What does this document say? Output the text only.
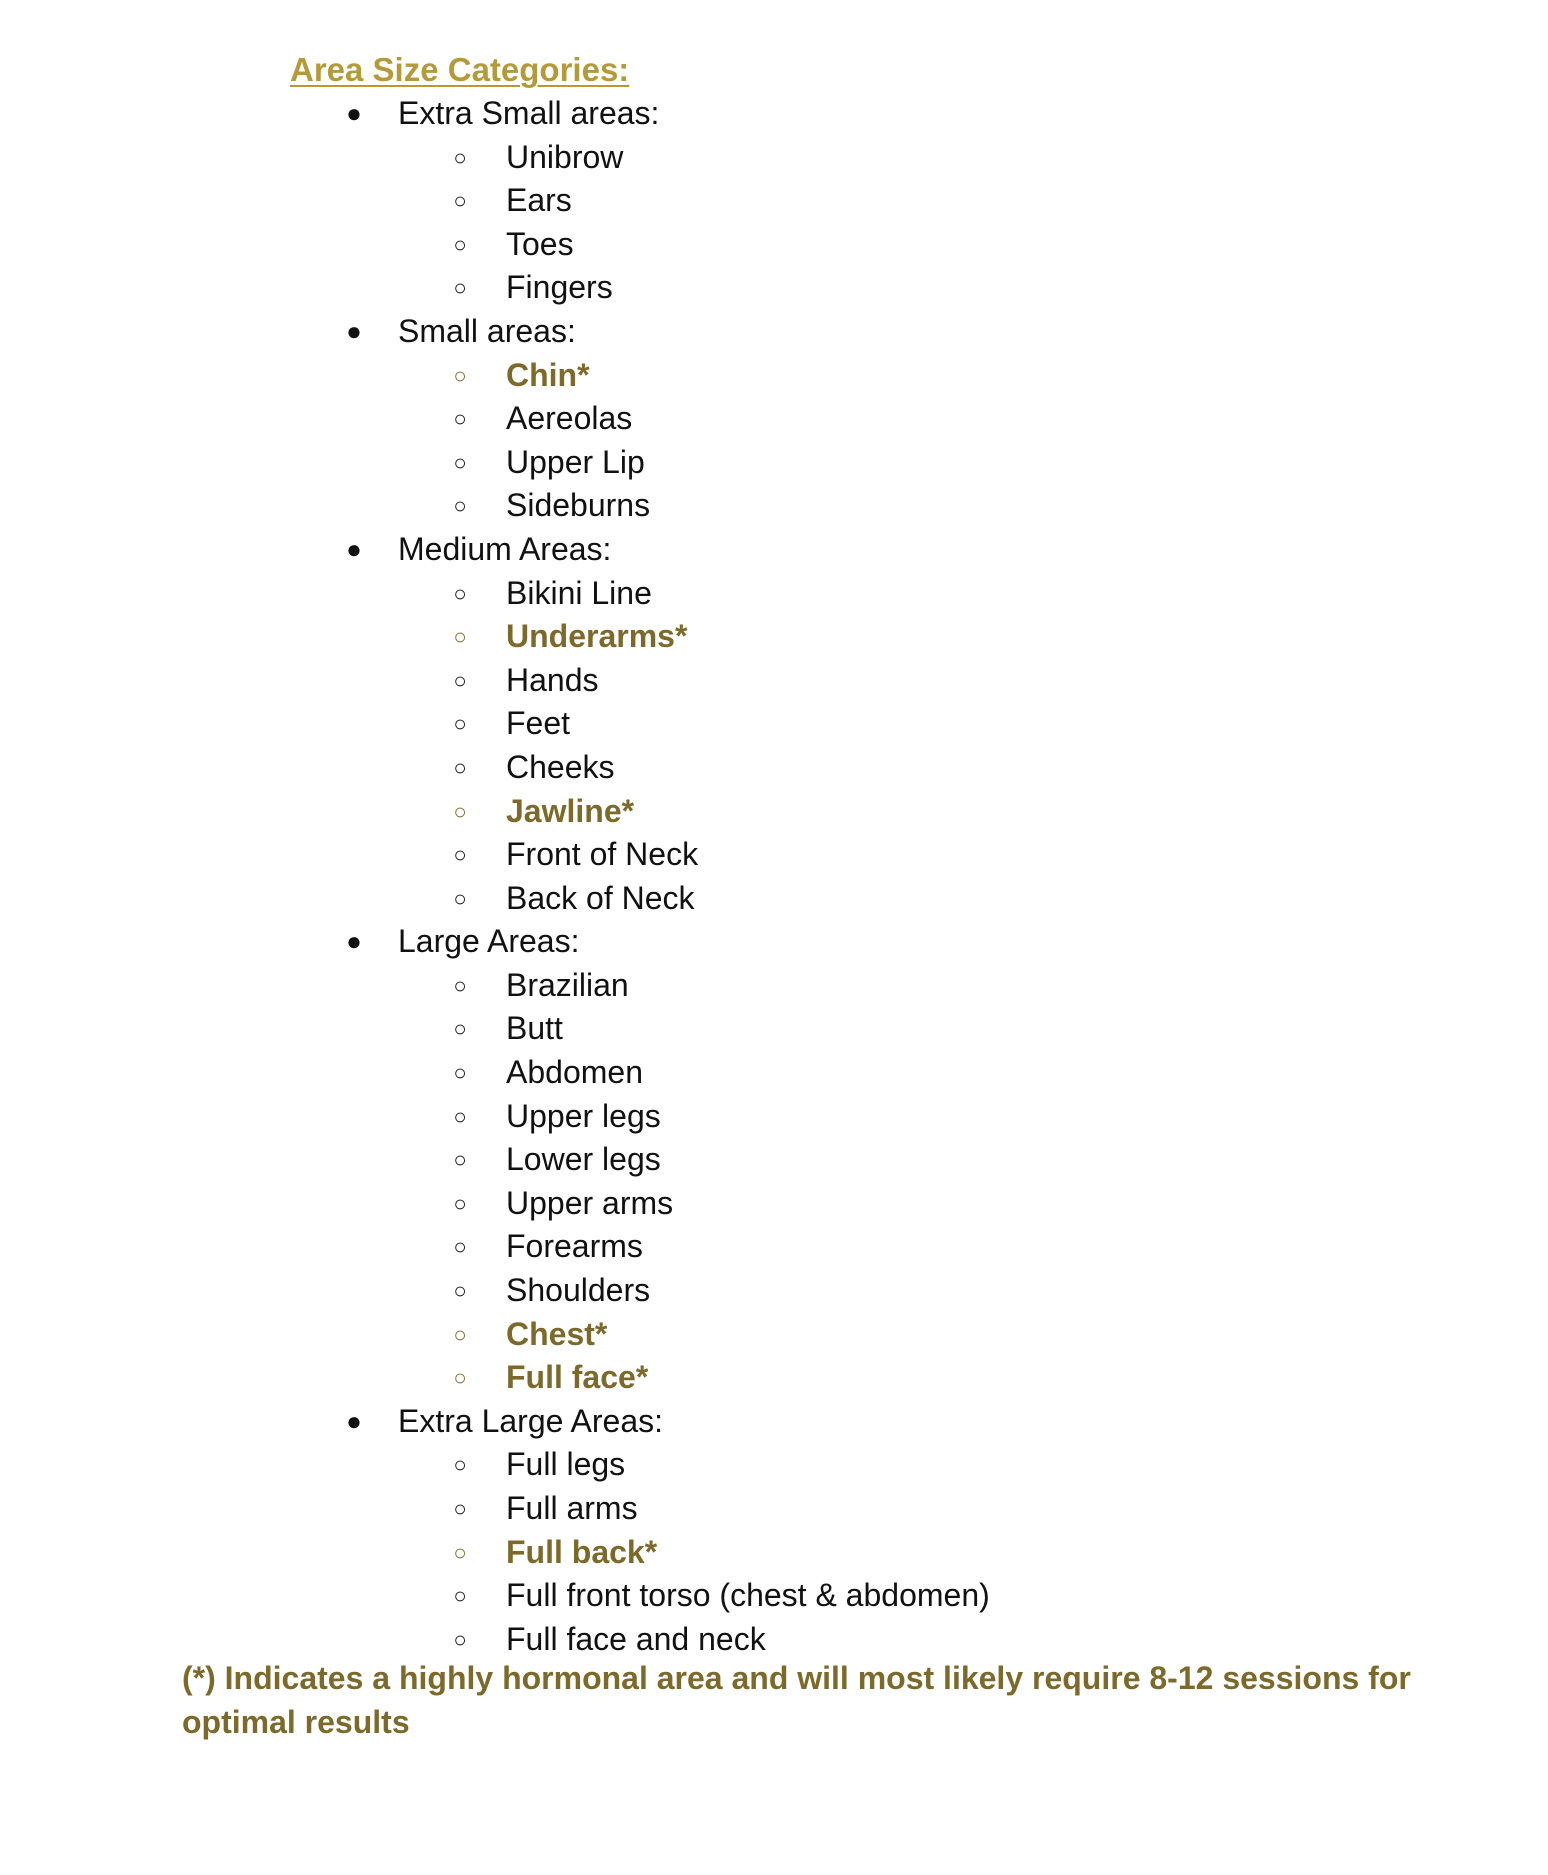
Area Size Categories:
● Extra Small areas:
○ Unibrow
○ Ears
○ Toes
○ Fingers
● Small areas:
○ Chin*
○ Aereolas
○ Upper Lip
○ Sideburns
● Medium Areas:
○ Bikini Line
○ Underarms*
○ Hands
○ Feet
○ Cheeks
○ Jawline*
○ Front of Neck
○ Back of Neck
● Large Areas:
○ Brazilian
○ Butt
○ Abdomen
○ Upper legs
○ Lower legs
○ Upper arms
○ Forearms
○ Shoulders
○ Chest*
○ Full face*
● Extra Large Areas:
○ Full legs
○ Full arms
○ Full back*
○ Full front torso (chest & abdomen)
○ Full face and neck

(*) Indicates a highly hormonal area and will most likely require 8-12 sessions for optimal results
